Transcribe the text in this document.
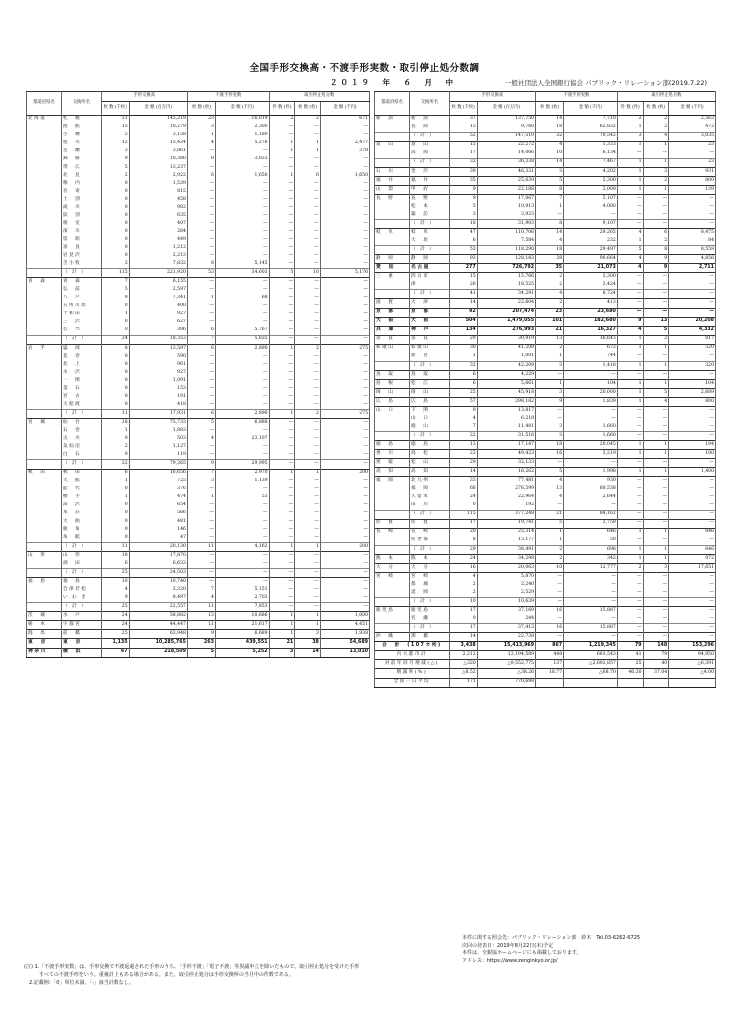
全国手形交換高・不渡手形実数・取引停止処分数調
２０１９　年　６　月　中	一般社団法人全国銀行協会 パブリック・リレーション部(2019.7.22)
都道府県名	交換所名	手形交換高		不渡手形実数		取引停止処分数		
		枚 数 (千枚)	金 額 (百万円)	枚 数 (枚)	金 額 (千円)	件 数 (件)	枚 数 (枚)	金 額 (千円)
北海道	札　幌	51	145,219	23	16,019	2	2	671
	函　館	15	10,279	3	2,300	—	—	—
	小　樽	5	3,158	1	1,180	—	—	—
	旭　川	12	15,424	4	5,276	1	1	2,477
	室　蘭	3	3,861	—	—	1	1	378
	釧　路	9	10,380	8	3,033	—	—	—
	帯　広	5	13,237	—	—	—	—	—
	北　見	2	2,922	6	1,650	1	6	1,650
	稚　内	0	1,539	—	—	—	—	—
	名　寄	0	815	—	—	—	—	—
	士　別	0	458	—	—	—	—	—
	滝　川	0	982	—	—	—	—	—
	紋　別	0	635	—	—	—	—	—
	根　室	0	407	—	—	—	—	—
	深　川	0	284	—	—	—	—	—
	留　萌	0	449	—	—	—	—	—
	富　良	0	1,212	—	—	—	—	—
	岩見沢	0	2,213	—	—	—	—	—
	苫小牧	3	7,832	8	5,145	—	—	—
	（ 計 ）	115	221,920	53	34,603	5	10	5,176
青　森	青　森	7	6,155	—	—	—	—	—
	弘　前	5	2,597	—	—	—	—	—
	八　戸	9	7,341	1	68	—	—	—
	五所川原	0	400	—	—	—	—	—
	十和田	1	927	—	—	—	—	—
	三　沢	0	627	—	—	—	—	—
	む　つ	0	306	6	5,767	—	—	—
	（ 計 ）	24	18,353	7	5,835	—	—	—
岩　手	盛　岡	8	13,597	6	2,890	1	2	275
	花　巻	0	590	—	—	—	—	—
	北　上	0	961	—	—	—	—	—
	水　沢	0	927	—	—	—	—	—
	一　関	0	1,091	—	—	—	—	—
	釜　石	0	153	—	—	—	—	—
	宮　古	0	191	—	—	—	—	—
	大船渡	0	418	—	—	—	—	—
	（ 計 ）	11	17,931	6	2,890	1	2	275
宮　城	仙　台	28	75,733	5	6,888	—	—	—
	石　巻	1	1,883	—	—	—	—	—
	古　川	0	503	4	23,107	—	—	—
	気仙沼	2	1,127	—	—	—	—	—
	白　石	0	119	—	—	—	—	—
	（ 計 ）	32	79,365	9	29,995	—	—	—
秋　田	秋　田	6	16,656	7	2,970	1	1	200
	大　館	1	725	3	1,139	—	—	—
	能　代	0	376	—	—	—	—	—
	横　手	1	474	1	53	—	—	—
	湯　沢	0	654	—	—	—	—	—
	本　荘	0	566	—	—	—	—	—
	大　曲	0	481	—	—	—	—	—
	鹿　角	0	146	—	—	—	—	—
	角　館	0	47	—	—	—	—	—
	（ 計 ）	11	20,130	11	4,162	1	1	200
山　形	山　形	18	17,870	—	—	—	—	—
	酒　田	6	6,633	—	—	—	—	—
	（ 計 ）	25	24,503	—	—	—	—	—
福　島	福　島	10	10,740	—	—	—	—	—
	会津若松	4	3,320	7	5,151	—	—	—
	い わ き	9	8,497	4	2,702	—	—	—
	（ 計 ）	25	22,557	11	7,853	—	—	—
茨　城	水　戸	24	58,882	13	10,686	1	1	1,000
栃　木	宇都宮	24	44,447	11	21,617	1	1	4,451
群　馬	前　橋	25	63,948	9	6,689	1	3	1,938
東　京	東　京	1,135	10,285,765	263	439,551	21	38	54,689
神奈川	横　浜	67	218,509	5	5,252	3	14	13,010
都道府県名	交換所名	手形交換高		不渡手形実数		取引停止処分数		
		枚 数 (千枚)	金 額 (百万円)	枚 数 (枚)	金 額 (千円)	件 数 (件)	枚 数 (枚)	金 額 (千円)
新　潟	新　潟	37	137,750	14	7,710	2	2	2,563
	長　岡	15	9,760	18	62,832	1	2	472
	（ 計 ）	52	147,510	32	70,542	3	4	3,035
富　山	富　山	15	22,272	4	1,333	1	1	23
	高　岡	17	14,066	10	6,134	—	—	—
	（ 計 ）	32	36,338	14	7,467	1	1	23
石　川	金　沢	39	46,331	3	4,202	1	3	931
福　井	福　井	35	25,639	5	2,300	1	2	800
山　梨	甲　府	9	22,188	8	2,009	1	1	139
長　野	長　野	9	17,067	7	5,107	—	—	—
	松　本	5	10,913	1	4,000	—	—	—
	諏　訪	3	3,923	—	—	—	—	—
	（ 計 ）	18	31,903	8	9,107	—	—	—
岐　阜	岐　阜	47	110,706	14	29,265	4	6	8,475
	大　垣	6	7,584	4	232	1	2	84
	（ 計 ）	53	118,290	18	29,497	5	8	8,559
静　岡	静　岡	93	128,183	38	90,664	4	9	4,856
愛　知	名古屋	277	726,792	35	21,073	4	9	2,711
三　重	四日市	15	15,766	2	3,300	—	—	—
	津	26	18,525	2	3,424	—	—	—
	（ 計 ）	41	34,291	4	6,724	—	—	—
滋　賀	大　津	14	22,604	2	413	—	—	—
京　都	京　都	92	207,474	23	23,680	—	—	—
大　阪	大　阪	504	1,479,055	101	182,680	9	13	20,208
兵　庫	神　戸	134	276,993	21	16,327	4	5	4,332
奈　良	奈　良	29	30,919	13	16,643	1	2	817
和歌山	和歌山	30	41,208	2	672	1	1	320
	新　宮	1	1,001	1	744	—	—	—
	（ 計 ）	32	42,209	3	1,416	1	1	320
鳥　取	鳥　取	6	4,229	—	—	—	—	—
島　根	松　江	6	5,661	1	104	1	1	104
岡　山	岡　山	25	45,918	3	20,000	1	5	2,689
広　島	広　島	57	298,182	9	1,839	1	4	800
山　口	下　関	9	13,817	—	—	—	—	—
	山　口	4	6,218	—	—	—	—	—
	徳　山	7	11,481	3	1,660	—	—	—
	（ 計 ）	22	31,516	3	1,660	—	—	—
徳　島	徳　島	13	17,147	18	20,045	1	1	194
香　川	高　松	23	49,423	16	3,219	1	1	100
愛　媛	松　山	29	32,133	—	—	—	—	—
高　知	高　知	14	16,262	5	1,998	1	1	1,400
福　岡	北九州	33	77,481	4	930	—	—	—
	福　岡	66	276,599	13	80,538	—	—	—
	久留米	24	22,964	4	2,644	—	—	—
	田　川	0	192	—	—	—	—	—
	（ 計 ）	115	377,248	21	84,162	—	—	—
佐　賀	佐　賀	17	19,741	5	2,759	—	—	—
長　崎	長　崎	20	25,314	1	646	1	1	646
	佐世保	8	13,177	1	50	—	—	—
	（ 計 ）	29	38,491	2	696	1	1	646
熊　本	熊　本	24	34,298	2	342	1	1	972
大　分	大　分	16	20,063	10	12,777	2	3	17,651
宮　崎	宮　崎	4	5,870	—	—	—	—	—
	都　城	2	2,240	—	—	—	—	—
	延　岡	2	2,529	—	—	—	—	—
	（ 計 ）	10	10,639	—	—	—	—	—
鹿児島	鹿児島	17	37,169	16	15,887	—	—	—
	名　瀬	0	244	—	—	—	—	—
	（ 計 ）	17	37,413	16	15,887	—	—	—
沖　縄	那　覇	14	22,738	—	—	—	—	—
合　計　(107カ所)		3,438	15,413,969	867	1,219,345	79	148	153,296
内大都市計		2,212	13,194,589	448	683,543	41	79	94,950
対前年同月増減(△)		△320	△9,552,775	137	△2,692,857	25	40	△6,391
増減率(%)		△8.52	△38.26	18.77	△68.70	46.30	37.04	△4.00
全国一日平均		171	770,698					
(注) 1.「不渡手形実数」は、手形交換で不渡返還された手形のうち、「手形不渡」「電子不渡」等異議申立を除いたもので、取引停止処分を受けた手形
　　　すべての不渡手形をいう。重複計上もある場合がある。また、取引停止処分は手形交換所の当月中の件数である。
　2.記載例：「0」単位未満、「-」該当計数なし。
本件に関する照会先：パブリック・リレーション部　鈴木　Tel.03-6262-6725
次回の発表日：2019年8月22日(木)予定
本件は、全銀協ホームページにも掲載しております。
アドレス：https://www.zenginkyo.or.jp/
